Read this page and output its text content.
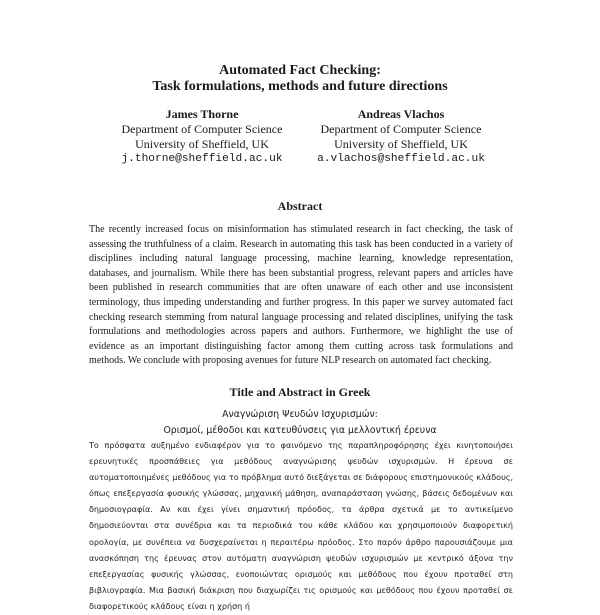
Automated Fact Checking:
Task formulations, methods and future directions
James Thorne
Department of Computer Science
University of Sheffield, UK
j.thorne@sheffield.ac.uk
Andreas Vlachos
Department of Computer Science
University of Sheffield, UK
a.vlachos@sheffield.ac.uk
Abstract
The recently increased focus on misinformation has stimulated research in fact checking, the task of assessing the truthfulness of a claim. Research in automating this task has been conducted in a variety of disciplines including natural language processing, machine learning, knowledge representation, databases, and journalism. While there has been substantial progress, relevant papers and articles have been published in research communities that are often unaware of each other and use inconsistent terminology, thus impeding understanding and further progress. In this paper we survey automated fact checking research stemming from natural language processing and related disciplines, unifying the task formulations and methodologies across papers and authors. Furthermore, we highlight the use of evidence as an important distinguishing factor among them cutting across task formulations and methods. We conclude with proposing avenues for future NLP research on automated fact checking.
Title and Abstract in Greek
Αναγνώριση Ψευδών Ισχυρισμών:
Ορισμοί, μέθοδοι και κατευθύνσεις για μελλοντική έρευνα
Το πρόσφατα αυξημένο ενδιαφέρον για το φαινόμενο της παραπληροφόρησης έχει κινητοποιήσει ερευνητικές προσπάθειες για μεθόδους αναγνώρισης ψευδών ισχυρισμών. Η έρευνα σε αυτοματοποιημένες μεθόδους για το πρόβλημα αυτό διεξάγεται σε διάφορους επιστημονικούς κλάδους, όπως επεξεργασία φυσικής γλώσσας, μηχανική μάθηση, αναπαράσταση γνώσης, βάσεις δεδομένων και δημοσιογραφία. Αν και έχει γίνει σημαντική πρόοδος, τα άρθρα σχετικά με το αντικείμενο δημοσιεύονται στα συνέδρια και τα περιοδικά του κάθε κλάδου και χρησιμοποιούν διαφορετική ορολογία, με συνέπεια να δυσχεραίνεται η περαιτέρω πρόοδος. Στο παρόν άρθρο παρουσιάζουμε μια ανασκόπηση της έρευνας στον αυτόματη αναγνώριση ψευδών ισχυρισμών με κεντρικό άξονα την επεξεργασίας φυσικής γλώσσας, ενοποιώντας ορισμούς και μεθόδους που έχουν προταθεί στη βιβλιογραφία. Μια βασική διάκριση που διαχωρίζει τις ορισμούς και μεθόδους που έχουν προταθεί σε διαφορετικούς κλάδους είναι η χρήση ή
